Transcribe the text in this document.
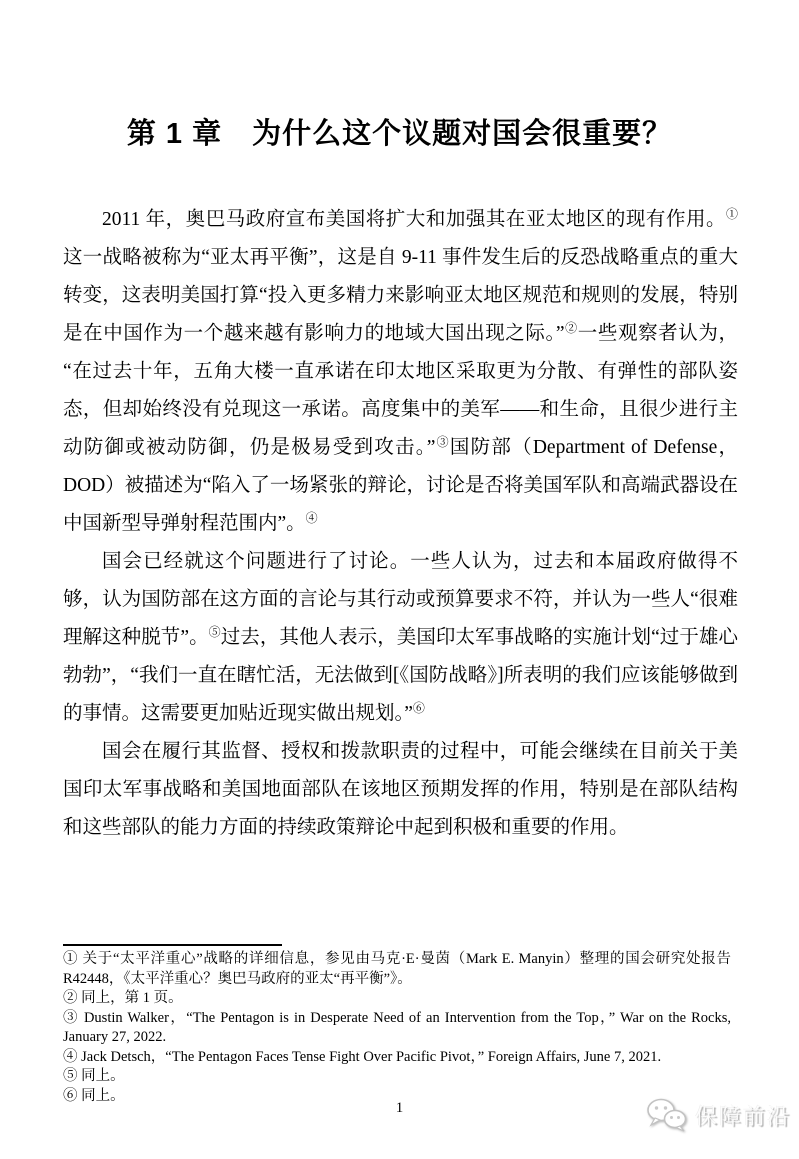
第 1 章　为什么这个议题对国会很重要？

2011 年，奥巴马政府宣布美国将扩大和加强其在亚太地区的现有作用。①这一战略被称为“亚太再平衡”，这是自 9-11 事件发生后的反恐战略重点的重大转变，这表明美国打算“投入更多精力来影响亚太地区规范和规则的发展，特别是在中国作为一个越来越有影响力的地域大国出现之际。”②一些观察者认为，“在过去十年，五角大楼一直承诺在印太地区采取更为分散、有弹性的部队姿态，但却始终没有兑现这一承诺。高度集中的美军——和生命，且很少进行主动防御或被动防御，仍是极易受到攻击。”③国防部（Department of Defense，DOD）被描述为“陷入了一场紧张的辩论，讨论是否将美国军队和高端武器设在中国新型导弹射程范围内”。④

国会已经就这个问题进行了讨论。一些人认为，过去和本届政府做得不够，认为国防部在这方面的言论与其行动或预算要求不符，并认为一些人“很难理解这种脱节”。⑤过去，其他人表示，美国印太军事战略的实施计划“过于雄心勃勃”，“我们一直在瞎忙活，无法做到[《国防战略》]所表明的我们应该能够做到的事情。这需要更加贴近现实做出规划。”⑥

国会在履行其监督、授权和拨款职责的过程中，可能会继续在目前关于美国印太军事战略和美国地面部队在该地区预期发挥的作用，特别是在部队结构和这些部队的能力方面的持续政策辩论中起到积极和重要的作用。

① 关于“太平洋重心”战略的详细信息，参见由马克·E·曼茵（Mark E. Manyin）整理的国会研究处报告 R42448，《太平洋重心？奥巴马政府的亚太“再平衡”》。
② 同上，第 1 页。
③ Dustin Walker，“The Pentagon is in Desperate Need of an Intervention from the Top，” War on the Rocks, January 27, 2022.
④ Jack Detsch，“The Pentagon Faces Tense Fight Over Pacific Pivot，” Foreign Affairs, June 7, 2021.
⑤ 同上。
⑥ 同上。
1	保障前沿
